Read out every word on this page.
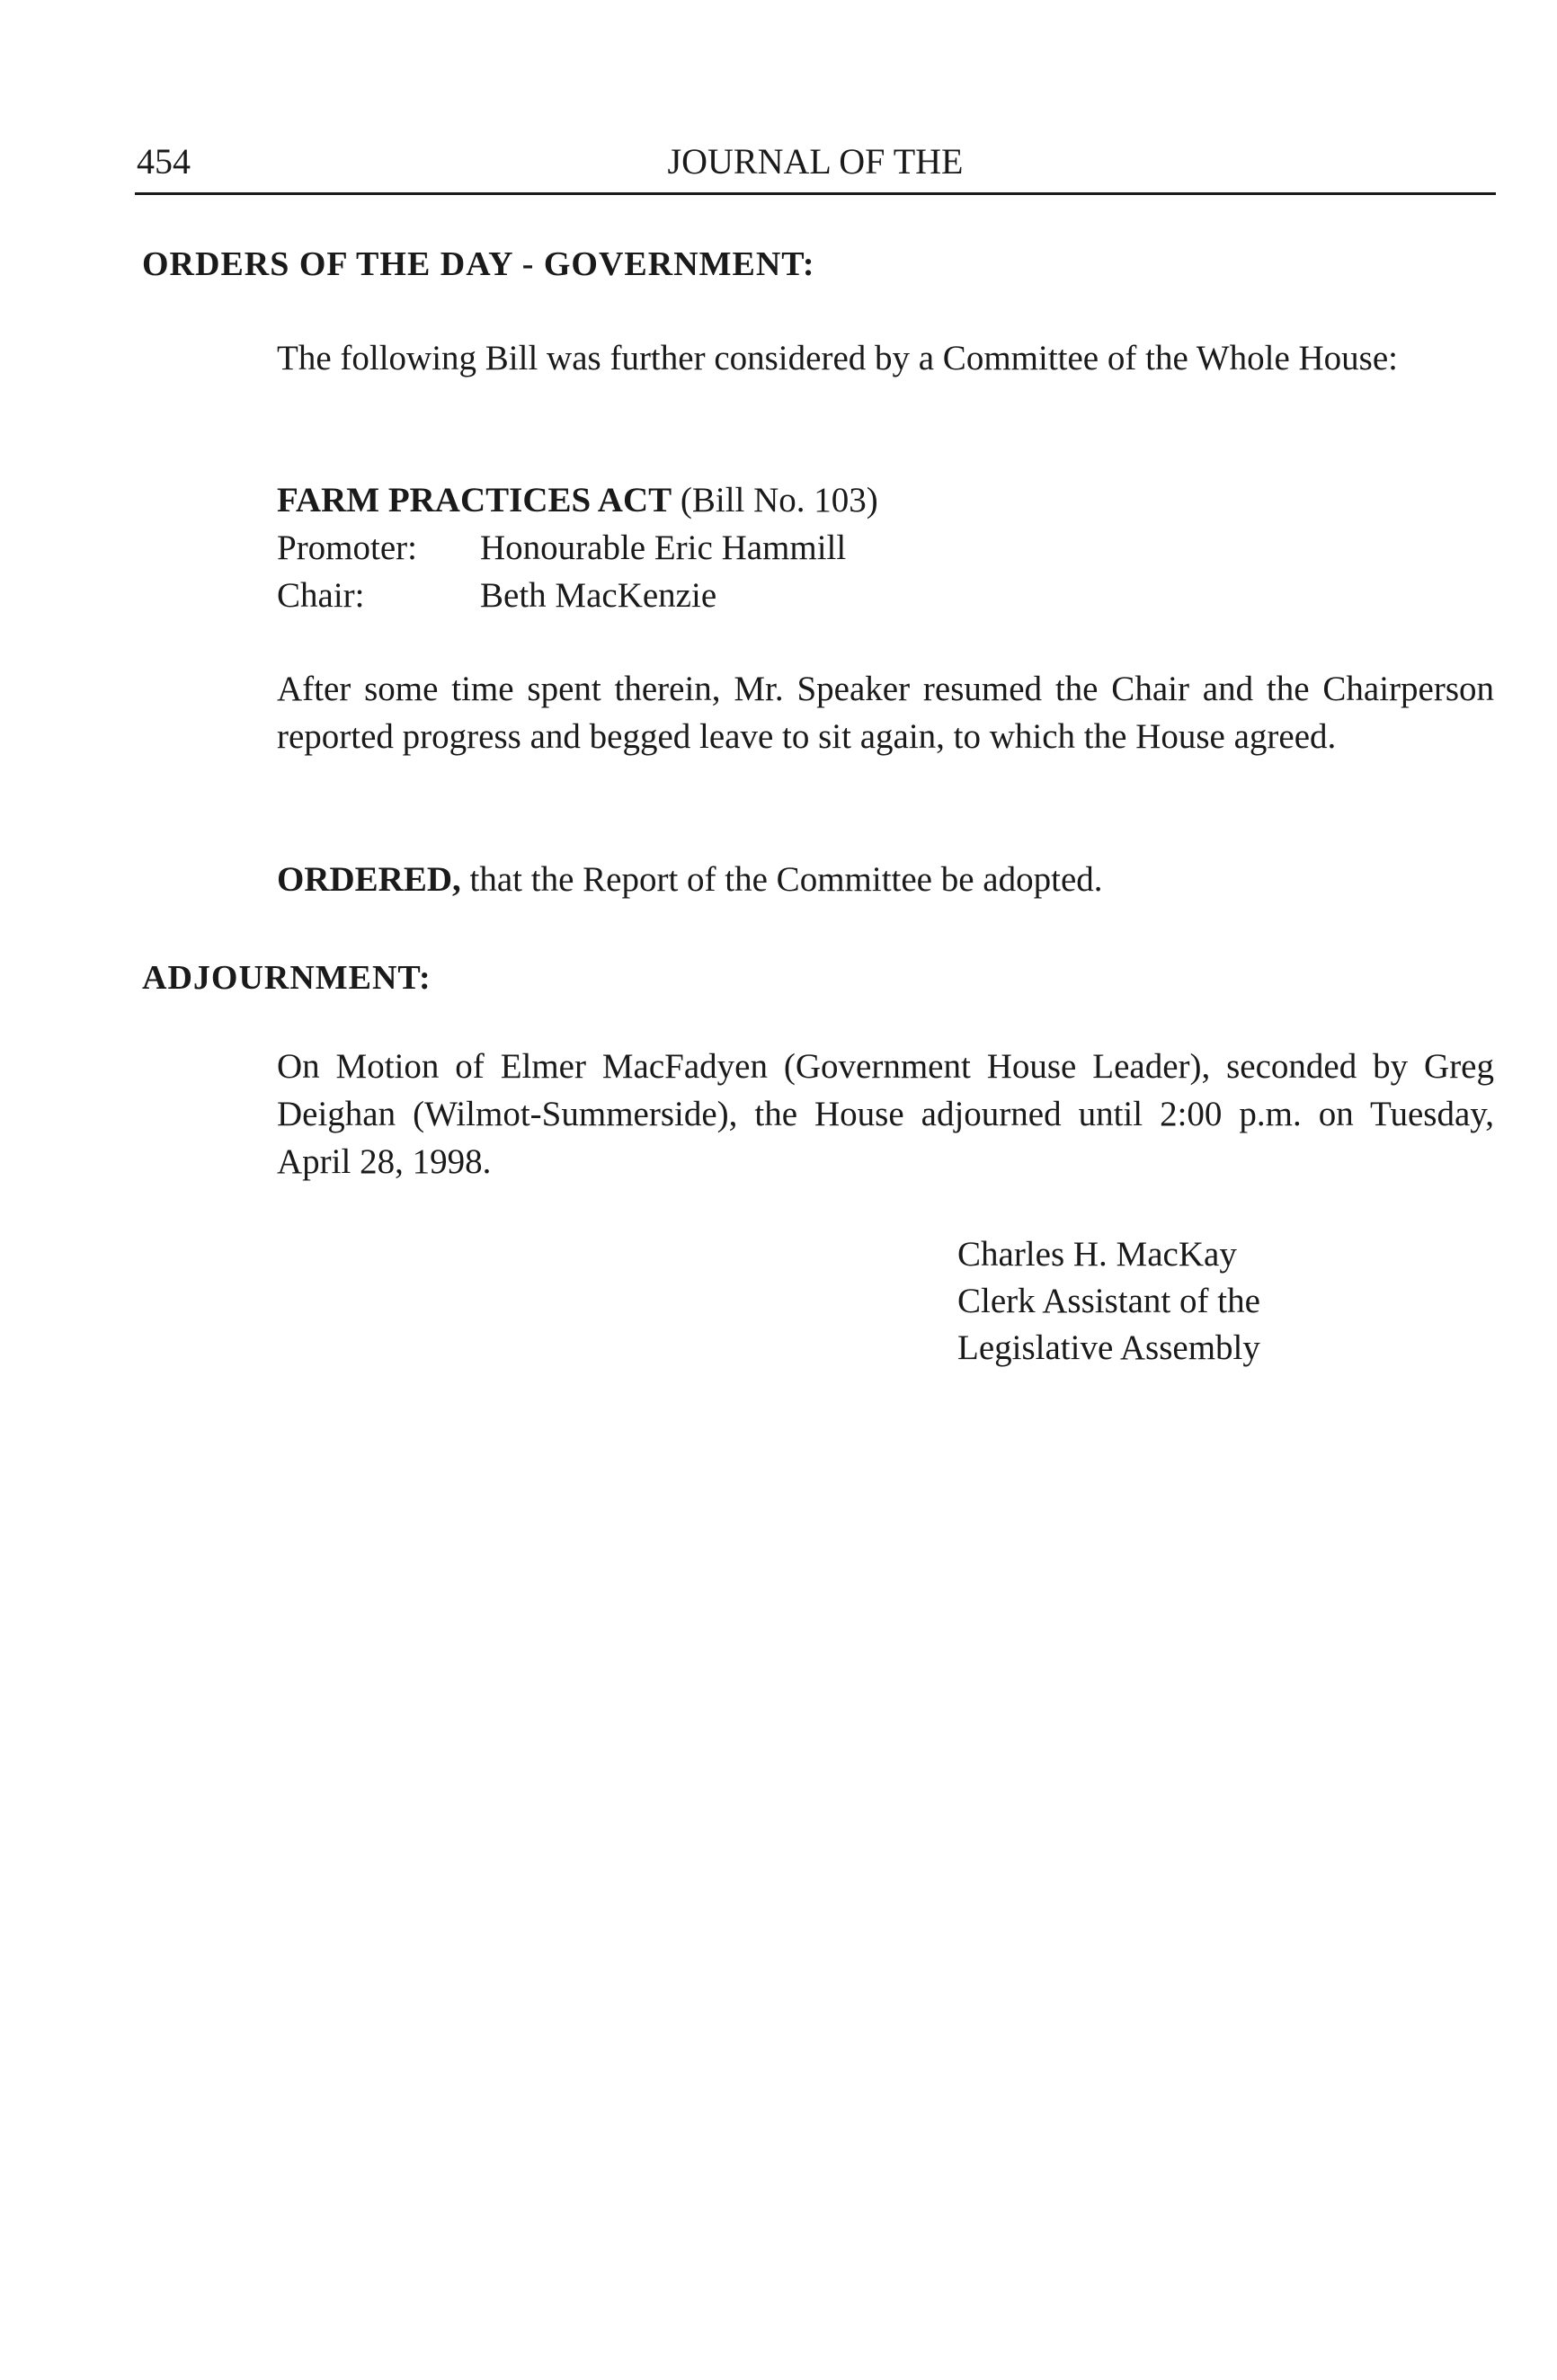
454	JOURNAL OF THE
ORDERS OF THE DAY - GOVERNMENT:

The following Bill was further considered by a Committee of the Whole House:

FARM PRACTICES ACT (Bill No. 103)
Promoter: Honourable Eric Hammill
Chair:	Beth MacKenzie

After some time spent therein, Mr. Speaker resumed the Chair and the Chairperson reported progress and begged leave to sit again, to which the House agreed.

ORDERED, that the Report of the Committee be adopted.
ADJOURNMENT:

On Motion of Elmer MacFadyen (Government House Leader), seconded by Greg Deighan (Wilmot-Summerside), the House adjourned until 2:00 p.m. on Tuesday, April 28, 1998.

Charles H. MacKay
Clerk Assistant of the
Legislative Assembly
